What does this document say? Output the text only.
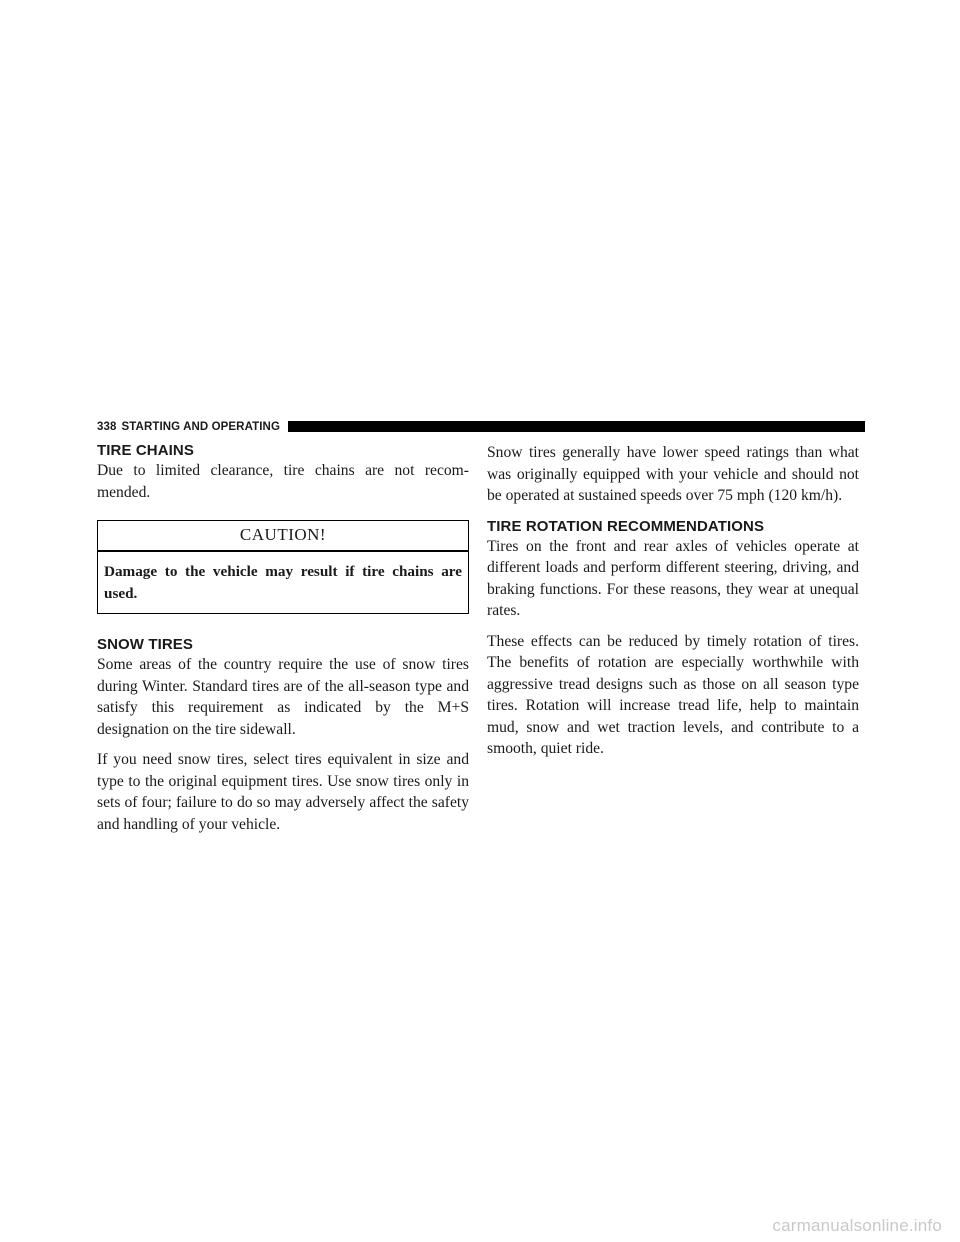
338 STARTING AND OPERATING
TIRE CHAINS

Due to limited clearance, tire chains are not recom-mended.

CAUTION!
Damage to the vehicle may result if tire chains are used.
SNOW TIRES

Some areas of the country require the use of snow tires during Winter. Standard tires are of the all-season type and satisfy this requirement as indicated by the M+S designation on the tire sidewall.

If you need snow tires, select tires equivalent in size and type to the original equipment tires. Use snow tires only in sets of four; failure to do so may adversely affect the safety and handling of your vehicle.

Snow tires generally have lower speed ratings than what was originally equipped with your vehicle and should not be operated at sustained speeds over 75 mph (120 km/h).

TIRE ROTATION RECOMMENDATIONS

Tires on the front and rear axles of vehicles operate at different loads and perform different steering, driving, and braking functions. For these reasons, they wear at unequal rates.

These effects can be reduced by timely rotation of tires. The benefits of rotation are especially worthwhile with aggressive tread designs such as those on all season type tires. Rotation will increase tread life, help to maintain mud, snow and wet traction levels, and contribute to a smooth, quiet ride.

carmanualsonline.info
